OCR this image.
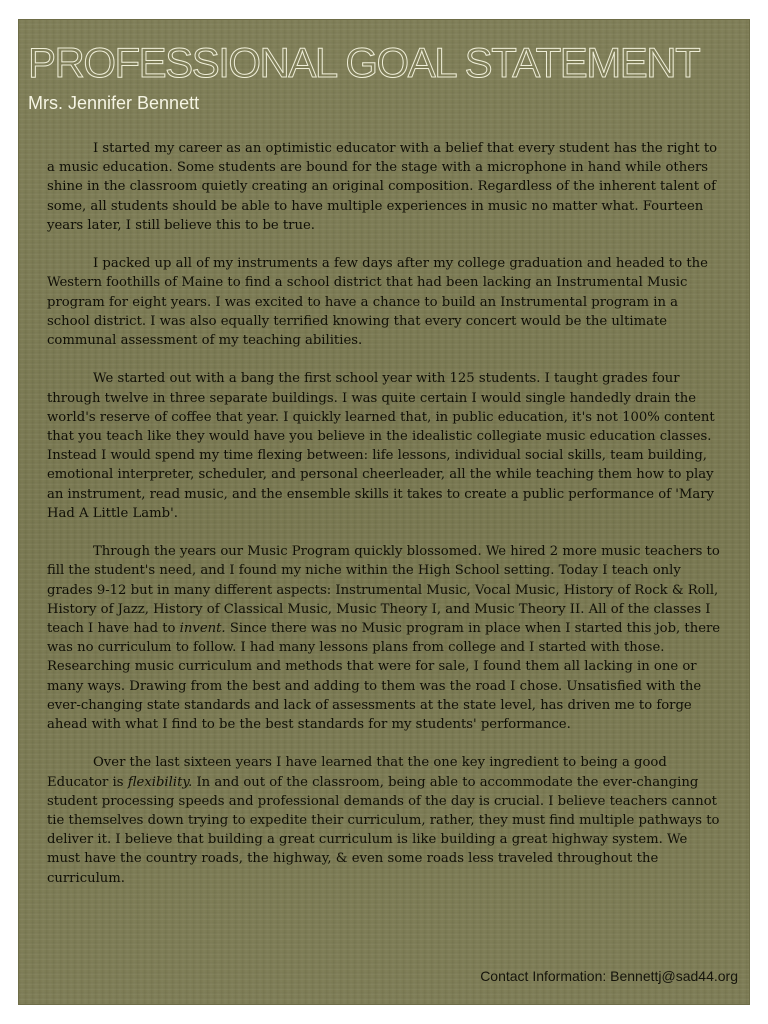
PROFESSIONAL GOAL STATEMENT
Mrs. Jennifer Bennett

I started my career as an optimistic educator with a belief that every student has the right to a music education. Some students are bound for the stage with a microphone in hand while others shine in the classroom quietly creating an original composition. Regardless of the inherent talent of some, all students should be able to have multiple experiences in music no matter what. Fourteen years later, I still believe this to be true.

I packed up all of my instruments a few days after my college graduation and headed to the Western foothills of Maine to find a school district that had been lacking an Instrumental Music program for eight years. I was excited to have a chance to build an Instrumental program in a school district. I was also equally terrified knowing that every concert would be the ultimate communal assessment of my teaching abilities.

We started out with a bang the first school year with 125 students. I taught grades four through twelve in three separate buildings. I was quite certain I would single handedly drain the world's reserve of coffee that year. I quickly learned that, in public education, it's not 100% content that you teach like they would have you believe in the idealistic collegiate music education classes. Instead I would spend my time flexing between: life lessons, individual social skills, team building, emotional interpreter, scheduler, and personal cheerleader, all the while teaching them how to play an instrument, read music, and the ensemble skills it takes to create a public performance of 'Mary Had A Little Lamb'.

Through the years our Music Program quickly blossomed. We hired 2 more music teachers to fill the student's need, and I found my niche within the High School setting. Today I teach only grades 9-12 but in many different aspects: Instrumental Music, Vocal Music, History of Rock & Roll, History of Jazz, History of Classical Music, Music Theory I, and Music Theory II. All of the classes I teach I have had to invent. Since there was no Music program in place when I started this job, there was no curriculum to follow. I had many lessons plans from college and I started with those. Researching music curriculum and methods that were for sale, I found them all lacking in one or many ways. Drawing from the best and adding to them was the road I chose. Unsatisfied with the ever-changing state standards and lack of assessments at the state level, has driven me to forge ahead with what I find to be the best standards for my students' performance.

Over the last sixteen years I have learned that the one key ingredient to being a good Educator is flexibility. In and out of the classroom, being able to accommodate the ever-changing student processing speeds and professional demands of the day is crucial. I believe teachers cannot tie themselves down trying to expedite their curriculum, rather, they must find multiple pathways to deliver it. I believe that building a great curriculum is like building a great highway system. We must have the country roads, the highway, & even some roads less traveled throughout the curriculum.

Contact Information: Bennettj@sad44.org
